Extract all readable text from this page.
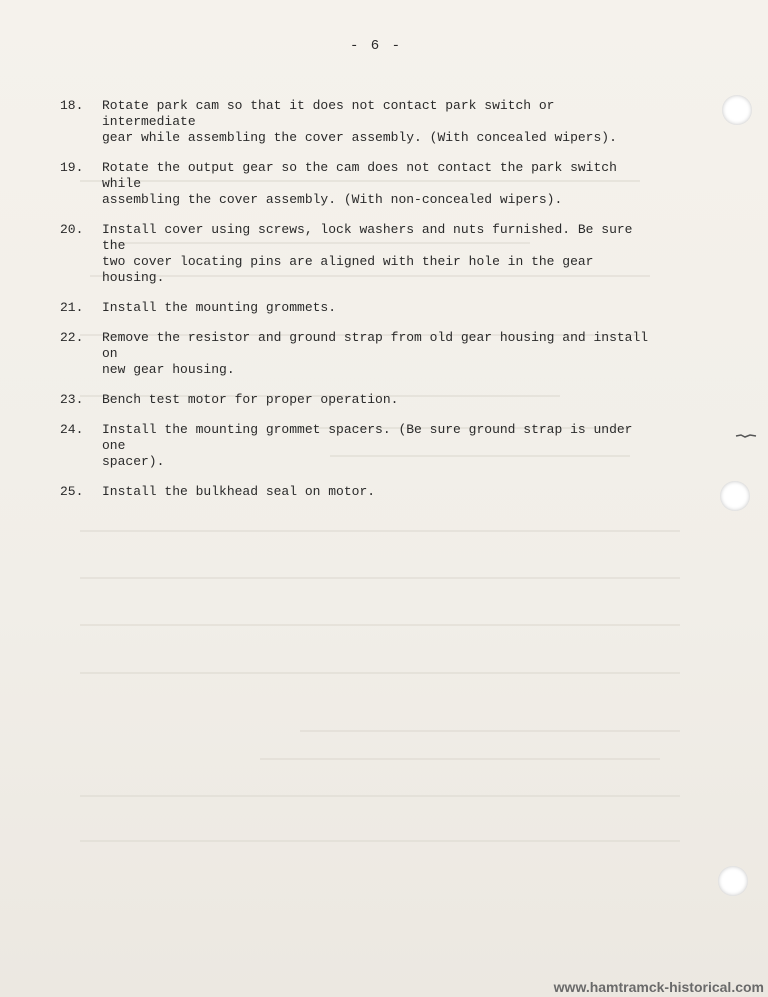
- 6 -
18.	Rotate park cam so that it does not contact park switch or intermediate
gear while assembling the cover assembly. (With concealed wipers).
19.	Rotate the output gear so the cam does not contact the park switch while
assembling the cover assembly. (With non-concealed wipers).
20.	Install cover using screws, lock washers and nuts furnished. Be sure the
two cover locating pins are aligned with their hole in the gear housing.
21.	Install the mounting grommets.
22.	Remove the resistor and ground strap from old gear housing and install on
new gear housing.
23.	Bench test motor for proper operation.
24.	Install the mounting grommet spacers. (Be sure ground strap is under one
spacer).
25.	Install the bulkhead seal on motor.
www.hamtramck-historical.com
